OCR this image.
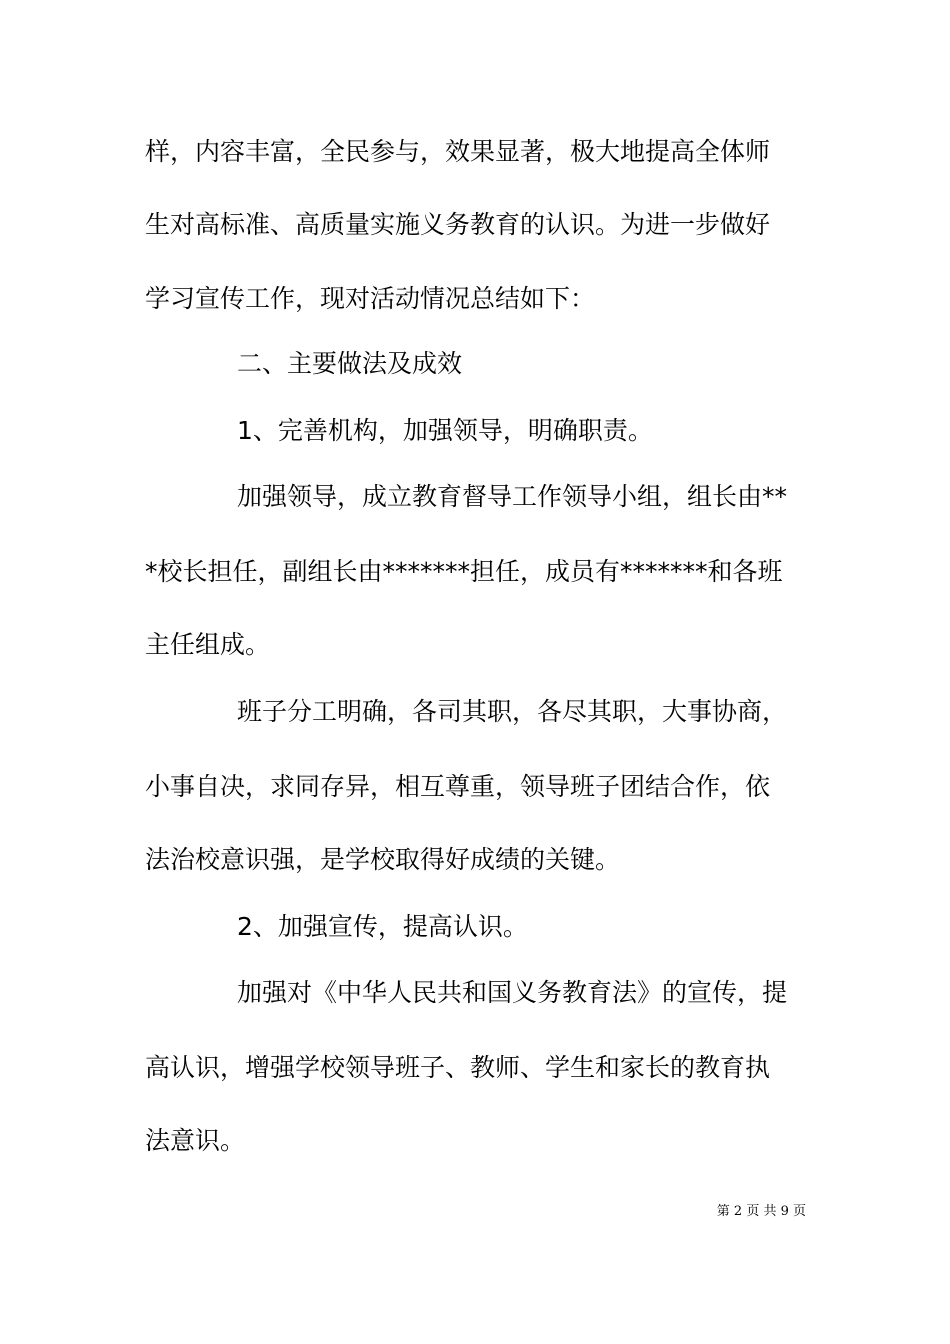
样，内容丰富，全民参与，效果显著，极大地提高全体师
生对高标准、高质量实施义务教育的认识。为进一步做好
学习宣传工作，现对活动情况总结如下：
二、主要做法及成效
1、完善机构，加强领导，明确职责。
加强领导，成立教育督导工作领导小组，组长由**
*校长担任，副组长由*******担任，成员有*******和各班
主任组成。
班子分工明确，各司其职，各尽其职，大事协商，
小事自决，求同存异，相互尊重，领导班子团结合作，依
法治校意识强，是学校取得好成绩的关键。
2、加强宣传，提高认识。
加强对《中华人民共和国义务教育法》的宣传，提
高认识，增强学校领导班子、教师、学生和家长的教育执
法意识。
第 2 页 共 9 页
